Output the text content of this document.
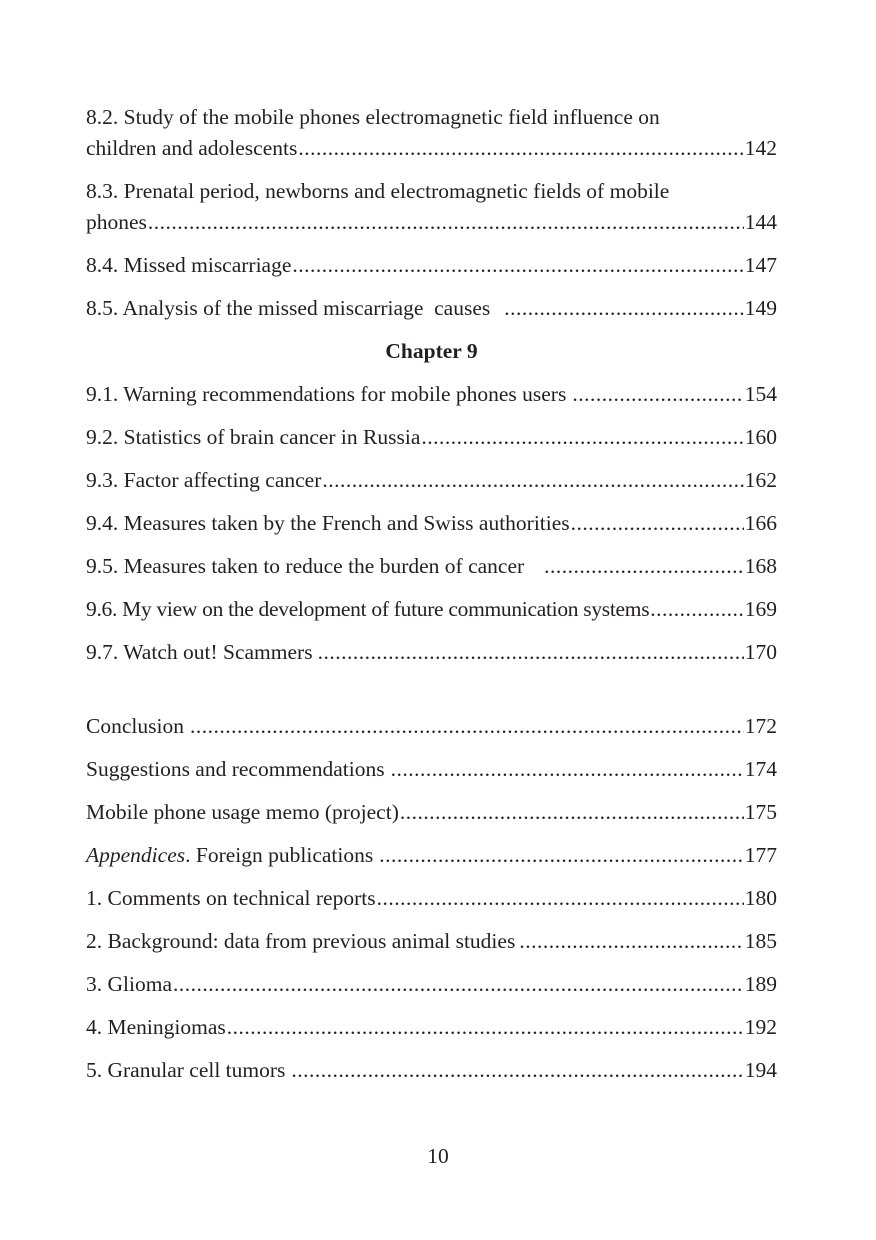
8.2. Study of the mobile phones electromagnetic field influence on
children and adolescents .....	142
8.3. Prenatal period, newborns and electromagnetic fields of mobile
phones .....	144
8.4. Missed miscarriage .....	147
8.5. Analysis of the missed miscarriage  causes .....	149
Chapter 9
9.1. Warning recommendations for mobile phones users .....	154
9.2. Statistics of brain cancer in Russia .....	160
9.3. Factor affecting cancer .....	162
9.4. Measures taken by the French and Swiss authorities .....	166
9.5. Measures taken to reduce the burden of cancer .....	168
9.6. My view on the development of future communication systems .....	169
9.7. Watch out! Scammers .....	170
Conclusion .....	172
Suggestions and recommendations .....	174
Mobile phone usage memo (project) .....	175
Appendices. Foreign publications .....	177
1. Comments on technical reports .....	180
2. Background: data from previous animal studies .....	185
3. Glioma .....	189
4. Meningiomas .....	192
5. Granular cell tumors .....	194
10
